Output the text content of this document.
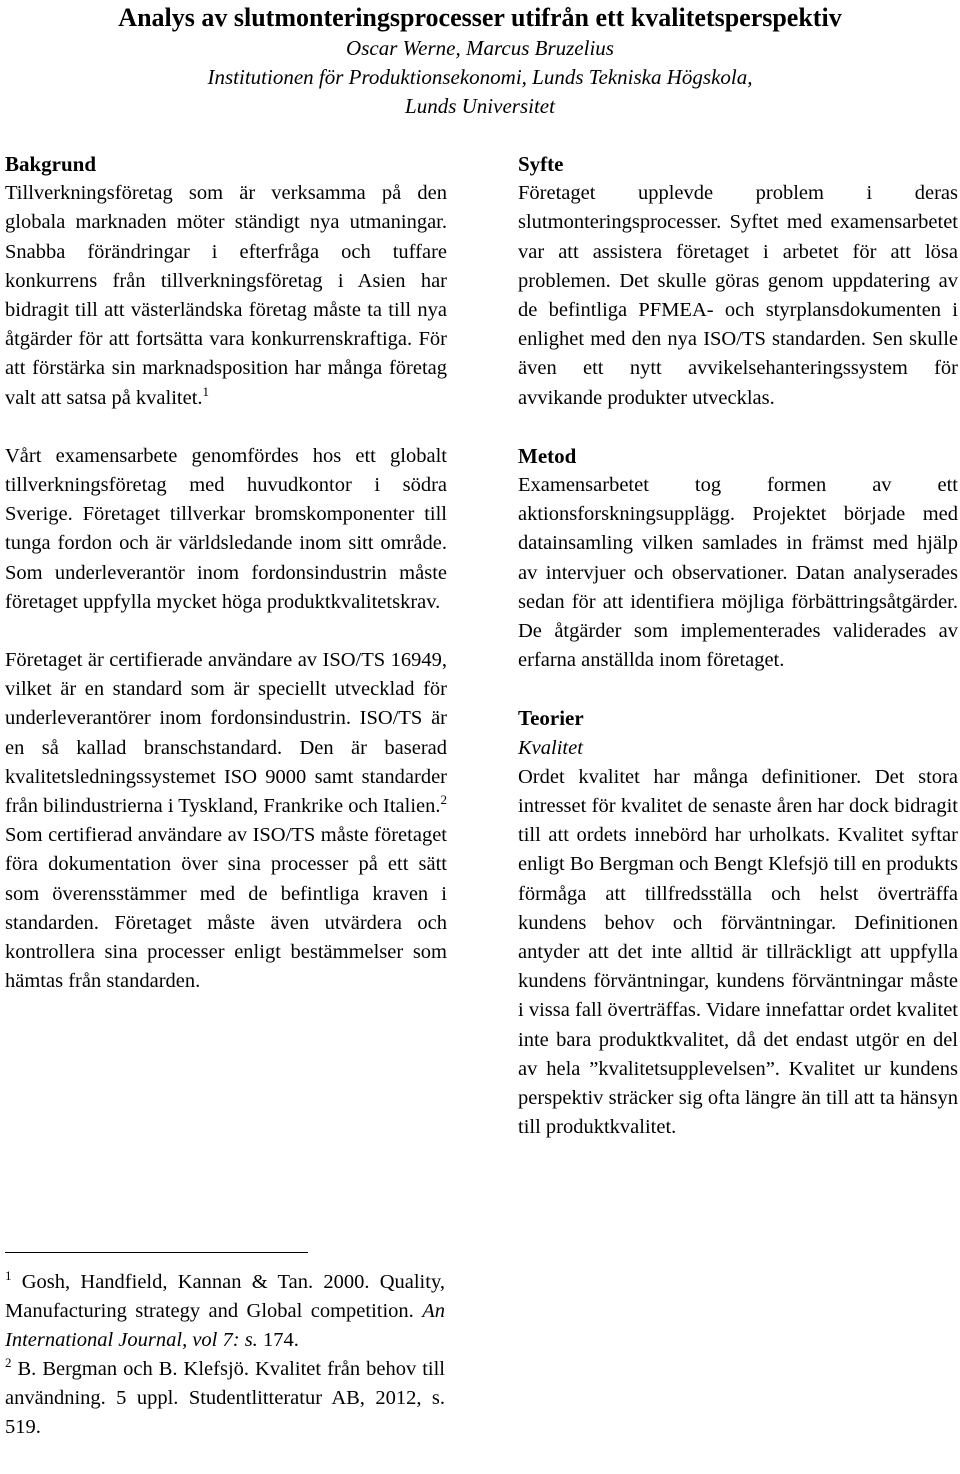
Analys av slutmonteringsprocesser utifrån ett kvalitetsperspektiv
Oscar Werne, Marcus Bruzelius
Institutionen för Produktionsekonomi, Lunds Tekniska Högskola,
Lunds Universitet
Bakgrund

Tillverkningsföretag som är verksamma på den globala marknaden möter ständigt nya utmaningar. Snabba förändringar i efterfråga och tuffare konkurrens från tillverkningsföretag i Asien har bidragit till att västerländska företag måste ta till nya åtgärder för att fortsätta vara konkurrenskraftiga. För att förstärka sin marknadsposition har många företag valt att satsa på kvalitet.$^1$

Vårt examensarbete genomfördes hos ett globalt tillverkningsföretag med huvudkontor i södra Sverige. Företaget tillverkar bromskomponenter till tunga fordon och är världsledande inom sitt område. Som underleverantör inom fordonsindustrin måste företaget uppfylla mycket höga produktkvalitetskrav.

Företaget är certifierade användare av ISO/TS 16949, vilket är en standard som är speciellt utvecklad för underleverantörer inom fordonsindustrin. ISO/TS är en så kallad branschstandard. Den är baserad kvalitetsledningssystemet ISO 9000 samt standarder från bilindustrierna i Tyskland, Frankrike och Italien.$^2$ Som certifierad användare av ISO/TS måste företaget föra dokumentation över sina processer på ett sätt som överensstämmer med de befintliga kraven i standarden. Företaget måste även utvärdera och kontrollera sina processer enligt bestämmelser som hämtas från standarden.

$^1$ Gosh, Handfield, Kannan & Tan. 2000. Quality, Manufacturing strategy and Global competition. An International Journal, vol 7: s. 174.

$^2$ B. Bergman och B. Klefsjö. Kvalitet från behov till användning. 5 uppl. Studentlitteratur AB, 2012, s. 519.

Syfte

Företaget upplevde problem i deras slutmonteringsprocesser. Syftet med examensarbetet var att assistera företaget i arbetet för att lösa problemen. Det skulle göras genom uppdatering av de befintliga PFMEA- och styrplansdokumenten i enlighet med den nya ISO/TS standarden. Sen skulle även ett nytt avvikelsehanteringssystem för avvikande produkter utvecklas.

Metod

Examensarbetet tog formen av ett aktionsforskningsupplägg. Projektet började med datainsamling vilken samlades in främst med hjälp av intervjuer och observationer. Datan analyserades sedan för att identifiera möjliga förbättringsåtgärder. De åtgärder som implementerades validerades av erfarna anställda inom företaget.

Teorier
Kvalitet

Ordet kvalitet har många definitioner. Det stora intresset för kvalitet de senaste åren har dock bidragit till att ordets innebörd har urholkats. Kvalitet syftar enligt Bo Bergman och Bengt Klefsjö till en produkts förmåga att tillfredsställa och helst överträffa kundens behov och förväntningar. Definitionen antyder att det inte alltid är tillräckligt att uppfylla kundens förväntningar, kundens förväntningar måste i vissa fall överträffas. Vidare innefattar ordet kvalitet inte bara produktkvalitet, då det endast utgör en del av hela ”kvalitetsupplevelsen”. Kvalitet ur kundens perspektiv sträcker sig ofta längre än till att ta hänsyn till produktkvalitet.
